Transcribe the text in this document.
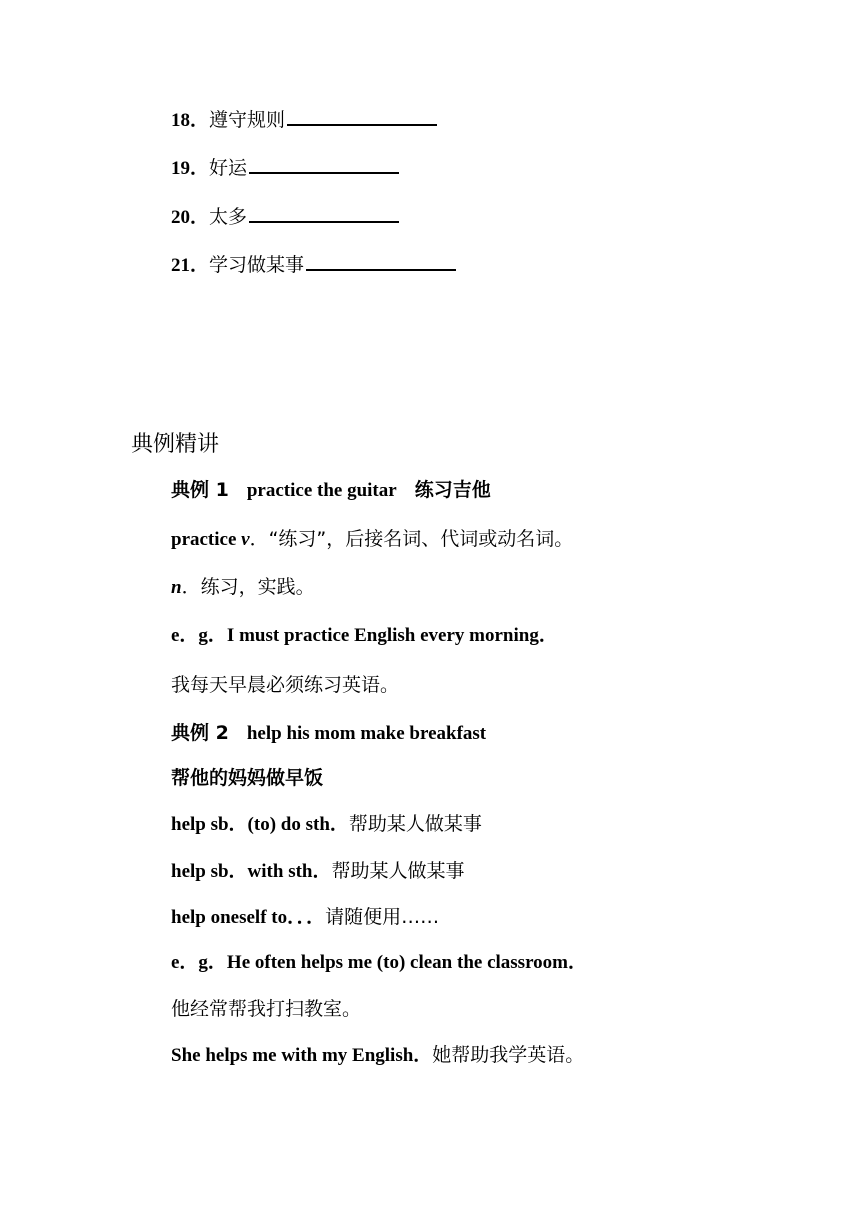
18．遵守规则
19．好运
20．太多
21．学习做某事
典例精讲
典例 1 practice the guitar 练习吉他
practice v．“练习”，后接名词、代词或动名词。
n．练习，实践。
e．g．I must practice English every morning．
我每天早晨必须练习英语。
典例 2 help his mom make breakfast
帮他的妈妈做早饭
help sb．(to) do sth．帮助某人做某事
help sb．with sth．帮助某人做某事
help oneself to．．．请随便用……
e．g．He often helps me (to) clean the classroom．
他经常帮我打扫教室。
She helps me with my English．她帮助我学英语。
